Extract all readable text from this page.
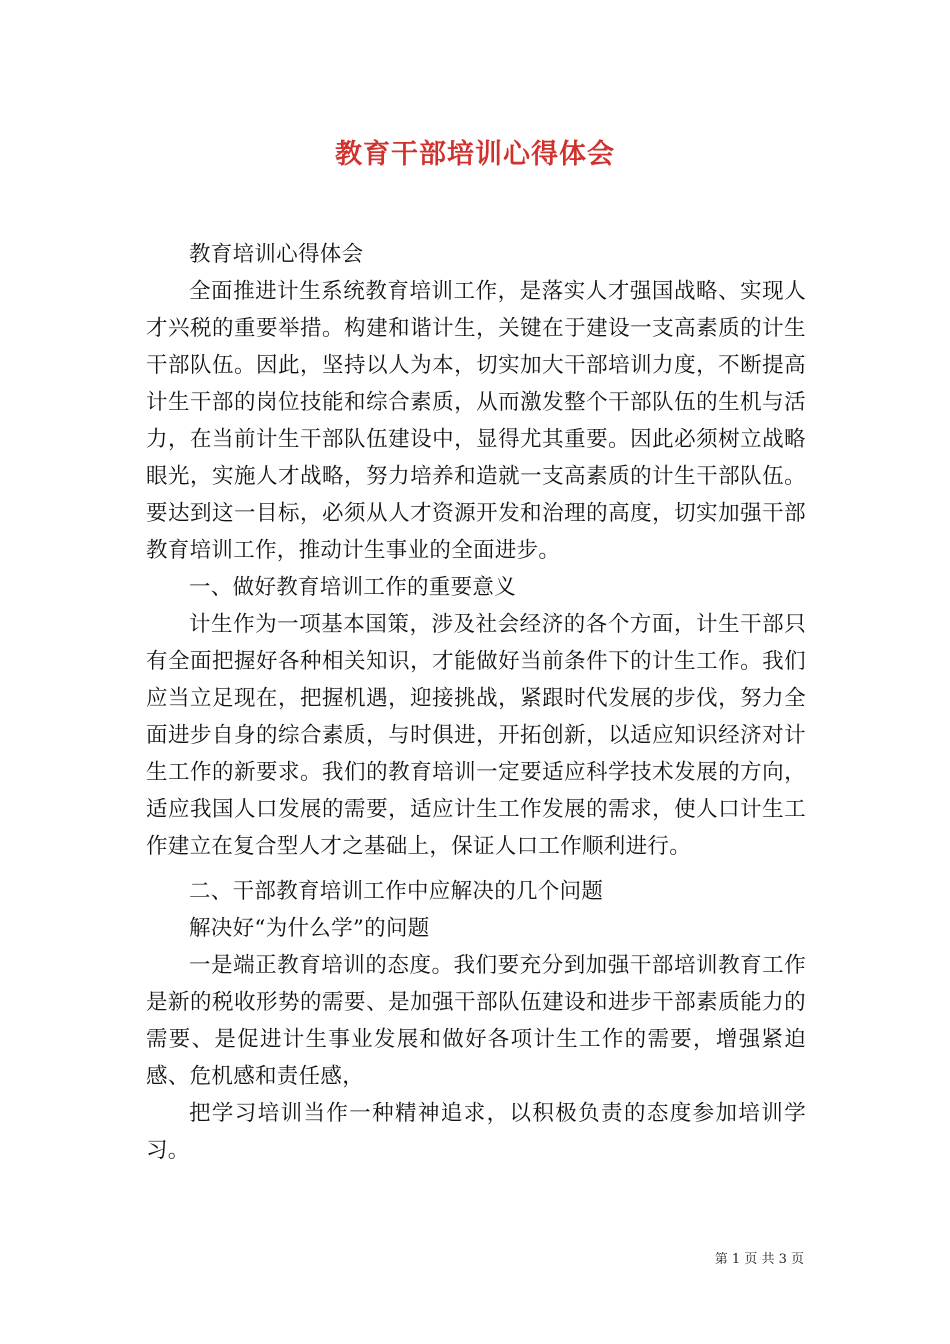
教育干部培训心得体会

教育培训心得体会

全面推进计生系统教育培训工作，是落实人才强国战略、实现人才兴税的重要举措。构建和谐计生，关键在于建设一支高素质的计生干部队伍。因此，坚持以人为本，切实加大干部培训力度，不断提高计生干部的岗位技能和综合素质，从而激发整个干部队伍的生机与活力，在当前计生干部队伍建设中，显得尤其重要。因此必须树立战略眼光，实施人才战略，努力培养和造就一支高素质的计生干部队伍。要达到这一目标，必须从人才资源开发和治理的高度，切实加强干部教育培训工作，推动计生事业的全面进步。

一、做好教育培训工作的重要意义

计生作为一项基本国策，涉及社会经济的各个方面，计生干部只有全面把握好各种相关知识，才能做好当前条件下的计生工作。我们应当立足现在，把握机遇，迎接挑战，紧跟时代发展的步伐，努力全面进步自身的综合素质，与时俱进，开拓创新，以适应知识经济对计生工作的新要求。我们的教育培训一定要适应科学技术发展的方向，适应我国人口发展的需要，适应计生工作发展的需求，使人口计生工作建立在复合型人才之基础上，保证人口工作顺利进行。

二、干部教育培训工作中应解决的几个问题

解决好“为什么学”的问题

一是端正教育培训的态度。我们要充分到加强干部培训教育工作是新的税收形势的需要、是加强干部队伍建设和进步干部素质能力的需要、是促进计生事业发展和做好各项计生工作的需要，增强紧迫感、危机感和责任感，

把学习培训当作一种精神追求，以积极负责的态度参加培训学习。

第 1 页 共 3 页
